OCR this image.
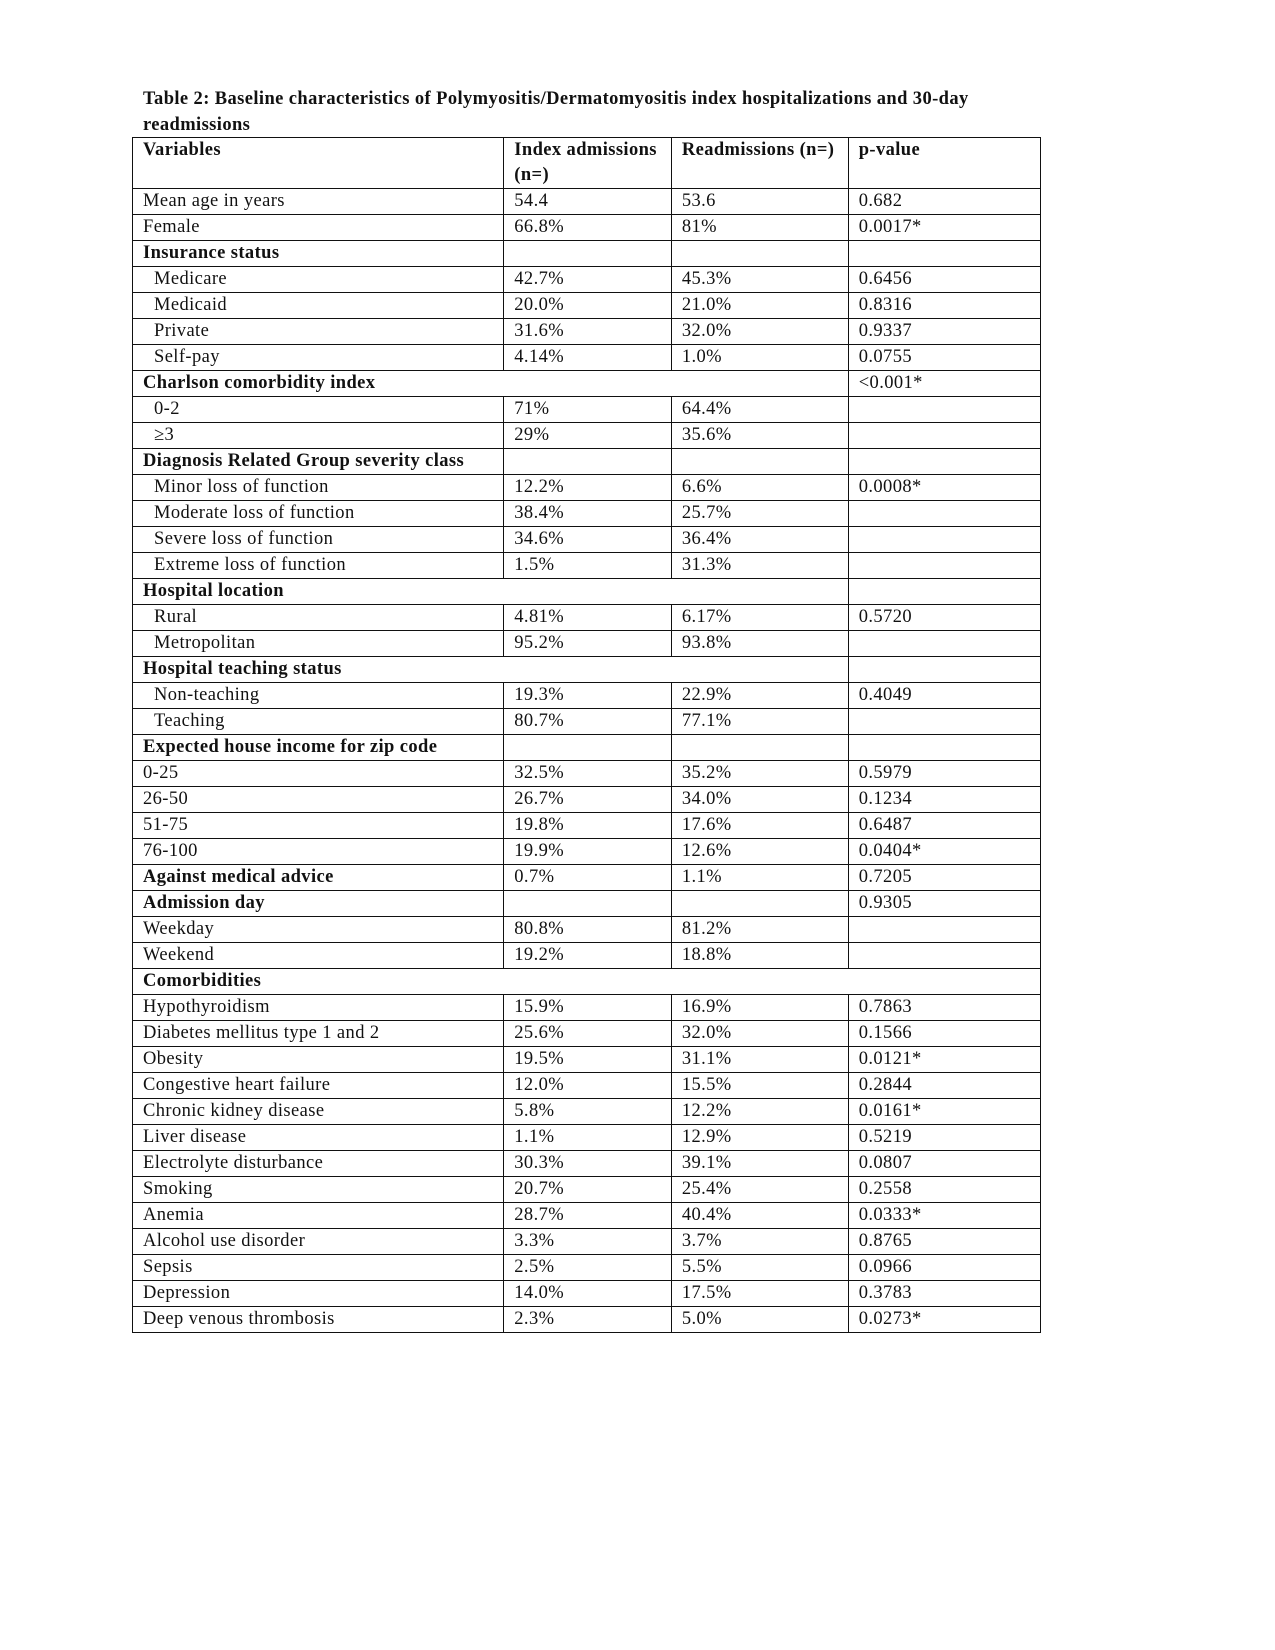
Table 2: Baseline characteristics of Polymyositis/Dermatomyositis index hospitalizations and 30-day readmissions
Variables	Index admissions (n=)	Readmissions (n=)	p-value
Mean age in years	54.4	53.6	0.682
Female	66.8%	81%	0.0017*
Insurance status			
Medicare	42.7%	45.3%	0.6456
Medicaid	20.0%	21.0%	0.8316
Private	31.6%	32.0%	0.9337
Self-pay	4.14%	1.0%	0.0755
Charlson comorbidity index			<0.001*
0-2	71%	64.4%	
≥3	29%	35.6%	
Diagnosis Related Group severity class			
Minor loss of function	12.2%	6.6%	0.0008*
Moderate loss of function	38.4%	25.7%	
Severe loss of function	34.6%	36.4%	
Extreme loss of function	1.5%	31.3%	
Hospital location			
Rural	4.81%	6.17%	0.5720
Metropolitan	95.2%	93.8%	
Hospital teaching status			
Non-teaching	19.3%	22.9%	0.4049
Teaching	80.7%	77.1%	
Expected house income for zip code			
0-25	32.5%	35.2%	0.5979
26-50	26.7%	34.0%	0.1234
51-75	19.8%	17.6%	0.6487
76-100	19.9%	12.6%	0.0404*
Against medical advice	0.7%	1.1%	0.7205
Admission day			0.9305
Weekday	80.8%	81.2%	
Weekend	19.2%	18.8%	
Comorbidities			
Hypothyroidism	15.9%	16.9%	0.7863
Diabetes mellitus type 1 and 2	25.6%	32.0%	0.1566
Obesity	19.5%	31.1%	0.0121*
Congestive heart failure	12.0%	15.5%	0.2844
Chronic kidney disease	5.8%	12.2%	0.0161*
Liver disease	1.1%	12.9%	0.5219
Electrolyte disturbance	30.3%	39.1%	0.0807
Smoking	20.7%	25.4%	0.2558
Anemia	28.7%	40.4%	0.0333*
Alcohol use disorder	3.3%	3.7%	0.8765
Sepsis	2.5%	5.5%	0.0966
Depression	14.0%	17.5%	0.3783
Deep venous thrombosis	2.3%	5.0%	0.0273*
